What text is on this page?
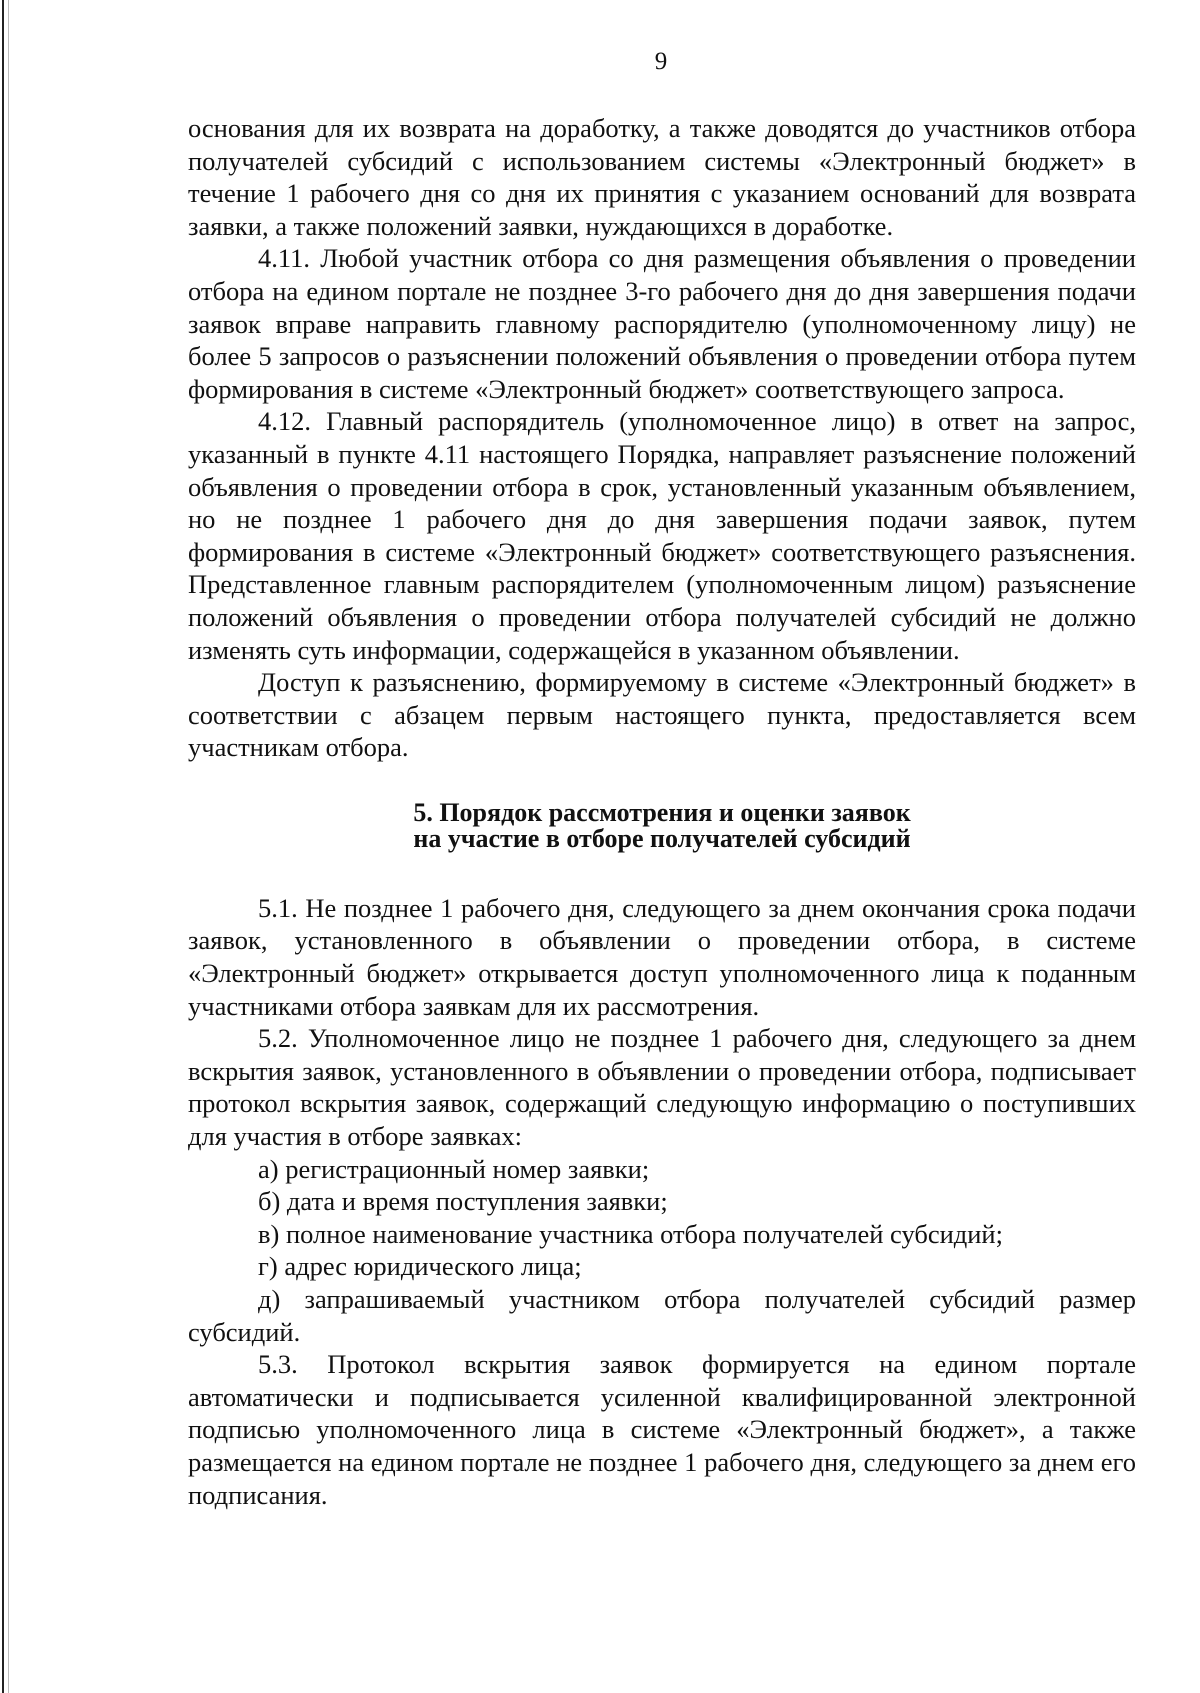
9

основания для их возврата на доработку, а также доводятся до участников отбора получателей субсидий с использованием системы «Электронный бюджет» в течение 1 рабочего дня со дня их принятия с указанием оснований для возврата заявки, а также положений заявки, нуждающихся в доработке.

4.11. Любой участник отбора со дня размещения объявления о проведении отбора на едином портале не позднее 3-го рабочего дня до дня завершения подачи заявок вправе направить главному распорядителю (уполномоченному лицу) не более 5 запросов о разъяснении положений объявления о проведении отбора путем формирования в системе «Электронный бюджет» соответствующего запроса.

4.12. Главный распорядитель (уполномоченное лицо) в ответ на запрос, указанный в пункте 4.11 настоящего Порядка, направляет разъяснение положений объявления о проведении отбора в срок, установленный указанным объявлением, но не позднее 1 рабочего дня до дня завершения подачи заявок, путем формирования в системе «Электронный бюджет» соответствующего разъяснения. Представленное главным распорядителем (уполномоченным лицом) разъяснение положений объявления о проведении отбора получателей субсидий не должно изменять суть информации, содержащейся в указанном объявлении.

Доступ к разъяснению, формируемому в системе «Электронный бюджет» в соответствии с абзацем первым настоящего пункта, предоставляется всем участникам отбора.

5. Порядок рассмотрения и оценки заявок
на участие в отборе получателей субсидий

5.1. Не позднее 1 рабочего дня, следующего за днем окончания срока подачи заявок, установленного в объявлении о проведении отбора, в системе «Электронный бюджет» открывается доступ уполномоченного лица к поданным участниками отбора заявкам для их рассмотрения.

5.2. Уполномоченное лицо не позднее 1 рабочего дня, следующего за днем вскрытия заявок, установленного в объявлении о проведении отбора, подписывает протокол вскрытия заявок, содержащий следующую информацию о поступивших для участия в отборе заявках:

а) регистрационный номер заявки;

б) дата и время поступления заявки;

в) полное наименование участника отбора получателей субсидий;

г) адрес юридического лица;

д) запрашиваемый участником отбора получателей субсидий размер субсидий.

5.3. Протокол вскрытия заявок формируется на едином портале автоматически и подписывается усиленной квалифицированной электронной подписью уполномоченного лица в системе «Электронный бюджет», а также размещается на едином портале не позднее 1 рабочего дня, следующего за днем его подписания.
